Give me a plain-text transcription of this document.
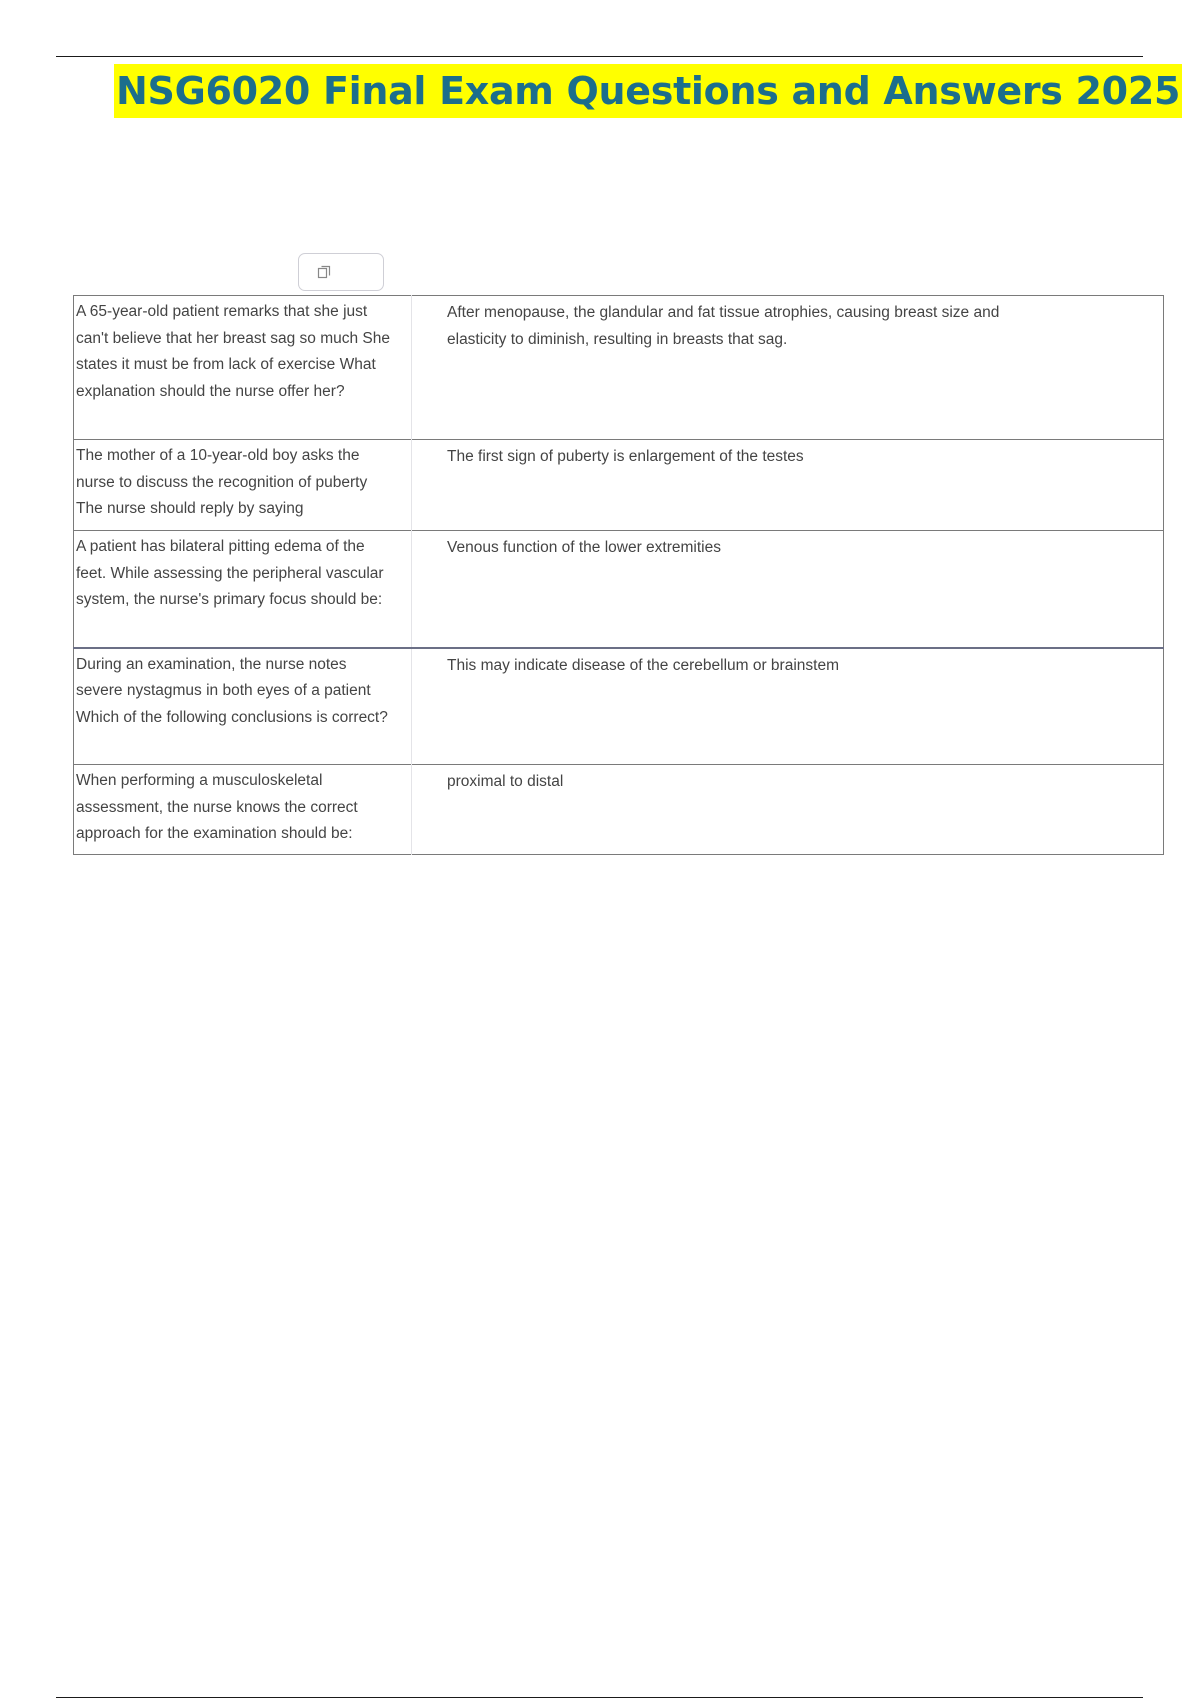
NSG6020 Final Exam Questions and Answers 2025
A 65-year-old patient remarks that she just can't believe that her breast sag so much She states it must be from lack of exercise What explanation should the nurse offer her?	After menopause, the glandular and fat tissue atrophies, causing breast size and elasticity to diminish, resulting in breasts that sag.
The mother of a 10-year-old boy asks the nurse to discuss the recognition of puberty The nurse should reply by saying	The first sign of puberty is enlargement of the testes
A patient has bilateral pitting edema of the feet. While assessing the peripheral vascular system, the nurse's primary focus should be:	Venous function of the lower extremities
During an examination, the nurse notes severe nystagmus in both eyes of a patient Which of the following conclusions is correct?	This may indicate disease of the cerebellum or brainstem
When performing a musculoskeletal assessment, the nurse knows the correct approach for the examination should be:	proximal to distal
